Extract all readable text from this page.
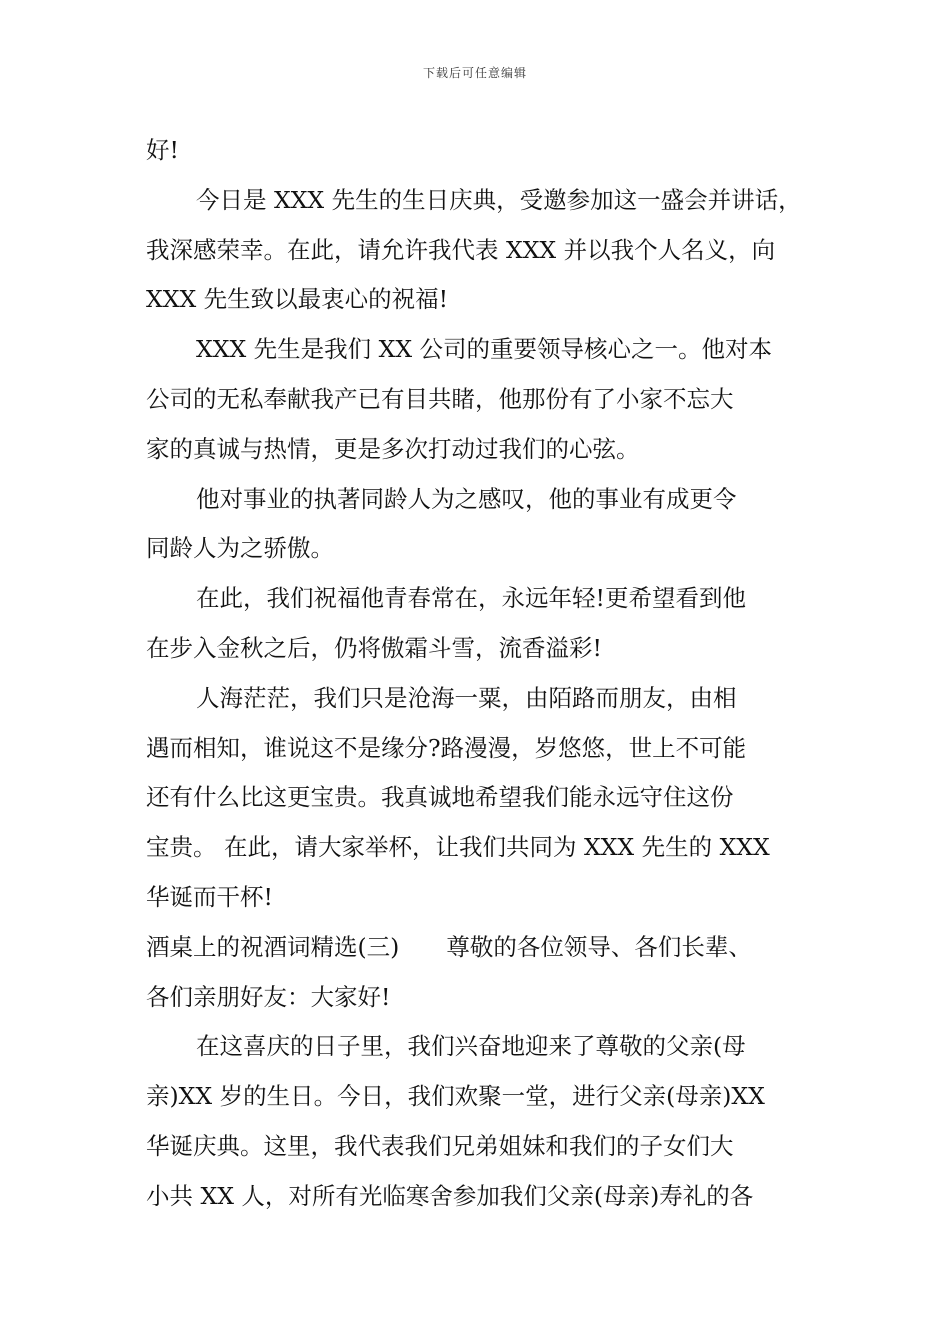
下载后可任意编辑
好!
今日是 XXX 先生的生日庆典，受邀参加这一盛会并讲话，
我深感荣幸。在此，请允许我代表 XXX 并以我个人名义，向
XXX 先生致以最衷心的祝福!
XXX 先生是我们 XX 公司的重要领导核心之一。他对本
公司的无私奉献我产已有目共睹，他那份有了小家不忘大
家的真诚与热情，更是多次打动过我们的心弦。
他对事业的执著同龄人为之感叹，他的事业有成更令
同龄人为之骄傲。
在此，我们祝福他青春常在，永远年轻!更希望看到他
在步入金秋之后，仍将傲霜斗雪，流香溢彩!
人海茫茫，我们只是沧海一粟，由陌路而朋友，由相
遇而相知，谁说这不是缘分?路漫漫，岁悠悠，世上不可能
还有什么比这更宝贵。我真诚地希望我们能永远守住这份
宝贵。 在此，请大家举杯，让我们共同为 XXX 先生的 XXX
华诞而干杯!
酒桌上的祝酒词精选(三)　　尊敬的各位领导、各们长辈、
各们亲朋好友：大家好!
在这喜庆的日子里，我们兴奋地迎来了尊敬的父亲(母
亲)XX 岁的生日。今日，我们欢聚一堂，进行父亲(母亲)XX
华诞庆典。这里，我代表我们兄弟姐妹和我们的子女们大
小共 XX 人，对所有光临寒舍参加我们父亲(母亲)寿礼的各
